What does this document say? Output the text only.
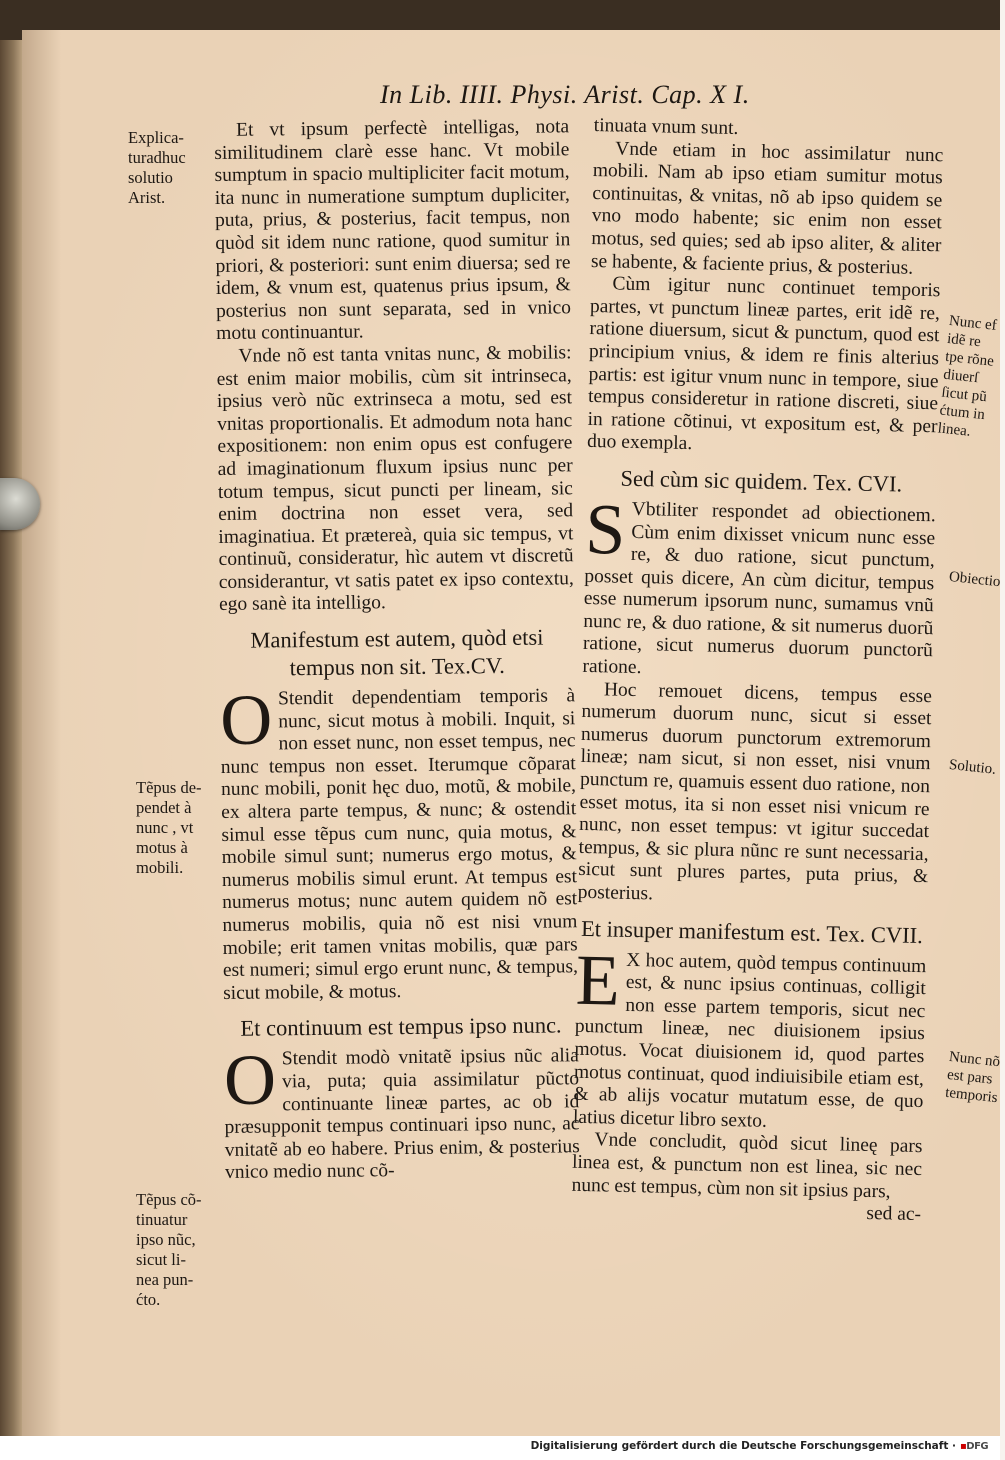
In Lib. IIII. Physi. Arist. Cap. X I.
Explica-
turadhuc
solutio
Arist.
Tẽpus de-
pendet à
nunc , vt
motus à
mobili.
Tẽpus cõ-
tinuatur
ipso nũc,
sicut li-
nea pun-
ćto.
Nunc ef
idẽ re
tpe rõne
diuerſ
ſicut pũ
ćtum in
linea.
Obiectio
Solutio.
Nunc nõ
est pars
temporis

Et vt ipsum perfectè intelligas, nota similitudinem clarè esse hanc. Vt mobile sumptum in spacio multipliciter facit motum, ita nunc in numeratione sumptum dupliciter, puta, prius, & posterius, facit tempus, non quòd sit idem nunc ratione, quod sumitur in priori, & posteriori: sunt enim diuersa; sed re idem, & vnum est, quatenus prius ipsum, & posterius non sunt separata, sed in vnico motu continuantur.

Vnde nõ est tanta vnitas nunc, & mobilis: est enim maior mobilis, cùm sit intrinseca, ipsius verò nũc extrinseca a motu, sed est vnitas proportionalis. Et admodum nota hanc expositionem: non enim opus est confugere ad imaginationum fluxum ipsius nunc per totum tempus, sicut puncti per lineam, sic enim doctrina non esset vera, sed imaginatiua. Et prætereà, quia sic tempus, vt continuũ, consideratur, hìc autem vt discretũ considerantur, vt satis patet ex ipso contextu, ego sanè ita intelligo.

Manifestum est autem, quòd etsi tempus non sit. Tex.CV.

O Stendit dependentiam temporis à nunc, sicut motus à mobili. Inquit, si non esset nunc, non esset tempus, nec nunc tempus non esset. Iterumque cõparat nunc mobili, ponit hęc duo, motũ, & mobile, ex altera parte tempus, & nunc; & ostendit simul esse tẽpus cum nunc, quia motus, & mobile simul sunt; numerus ergo motus, & numerus mobilis simul erunt. At tempus est numerus motus; nunc autem quidem nõ est numerus mobilis, quia nõ est nisi vnum mobile; erit tamen vnitas mobilis, quæ pars est numeri; simul ergo erunt nunc, & tempus, sicut mobile, & motus.

Et continuum est tempus ipso nunc.

O Stendit modò vnitatẽ ipsius nũc alia via, puta; quia assimilatur pũcto continuante lineæ partes, ac ob id præsupponit tempus continuari ipso nunc, ac vnitatẽ ab eo habere. Prius enim, & posterius vnico medio nunc cõ-

tinuata vnum sunt.

Vnde etiam in hoc assimilatur nunc mobili. Nam ab ipso etiam sumitur motus continuitas, & vnitas, nõ ab ipso quidem se vno modo habente; sic enim non esset motus, sed quies; sed ab ipso aliter, & aliter se habente, & faciente prius, & posterius.

Cùm igitur nunc continuet temporis partes, vt punctum lineæ partes, erit idẽ re, ratione diuersum, sicut & punctum, quod est principium vnius, & idem re finis alterius partis: est igitur vnum nunc in tempore, siue tempus consideretur in ratione discreti, siue in ratione cõtinui, vt expositum est, & per duo exempla.

Sed cùm sic quidem. Tex. CVI.

S Vbtiliter respondet ad obiectionem. Cùm enim dixisset vnicum nunc esse re, & duo ratione, sicut punctum, posset quis dicere, An cùm dicitur, tempus esse numerum ipsorum nunc, sumamus vnũ nunc re, & duo ratione, & sit numerus duorũ ratione, sicut numerus duorum punctorũ ratione.

Hoc remouet dicens, tempus esse numerum duorum nunc, sicut si esset numerus duorum punctorum extremorum lineæ; nam sicut, si non esset, nisi vnum punctum re, quamuis essent duo ratione, non esset motus, ita si non esset nisi vnicum re nunc, non esset tempus: vt igitur succedat tempus, & sic plura nũnc re sunt necessaria, sicut sunt plures partes, puta prius, & posterius.

Et insuper manifestum est. Tex. CVII.

E X hoc autem, quòd tempus continuum est, & nunc ipsius continuas, colligit non esse partem temporis, sicut nec punctum lineæ, nec diuisionem ipsius motus. Vocat diuisionem id, quod partes motus continuat, quod indiuisibile etiam est, & ab alijs vocatur mutatum esse, de quo latius dicetur libro sexto.

Vnde concludit, quòd sicut lineę pars linea est, & punctum non est linea, sic nec nunc est tempus, cùm non sit ipsius pars,

sed ac-
Digitalisierung gefördert durch die Deutsche Forschungsgemeinschaft · ▪DFG
